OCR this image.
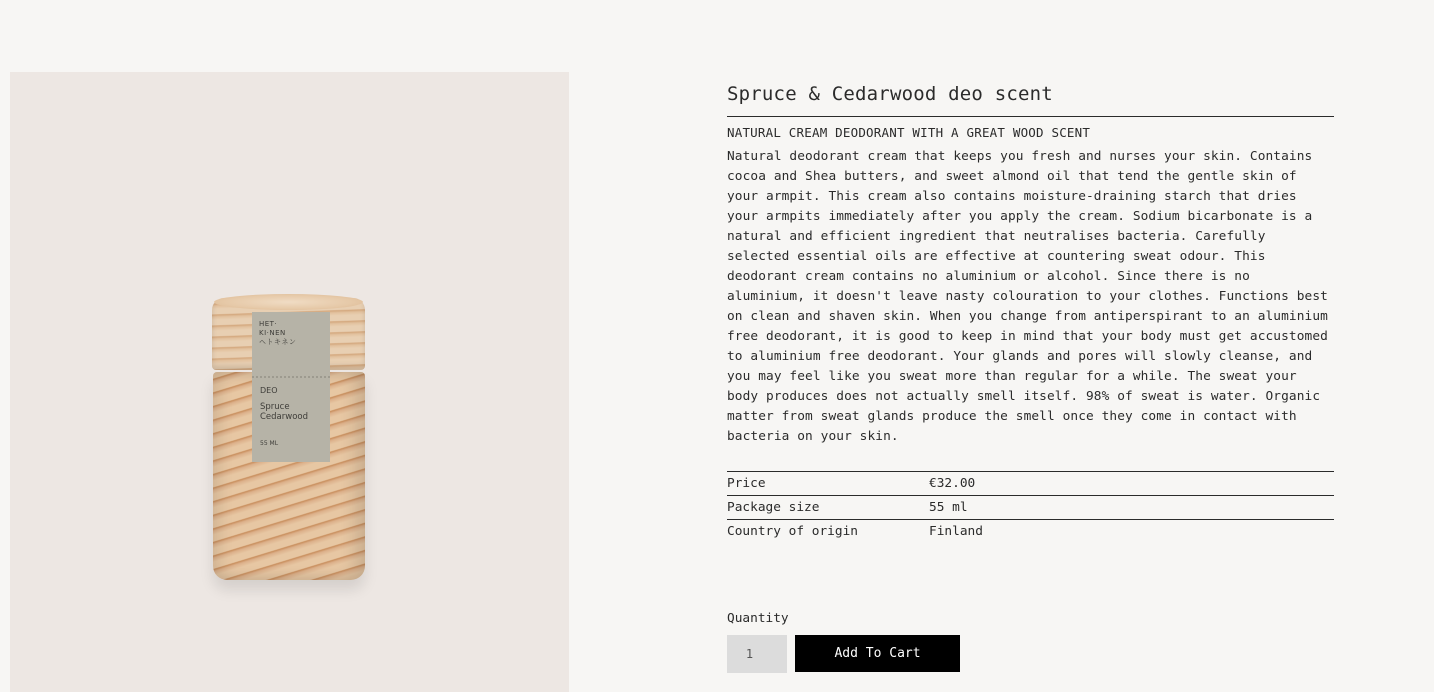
HET·
KI·NEN
ヘトキネン
DEO
Spruce
Cedarwood
55 ML
Spruce & Cedarwood deo scent
NATURAL CREAM DEODORANT WITH A GREAT WOOD SCENT

Natural deodorant cream that keeps you fresh and nurses your skin. Contains cocoa and Shea butters, and sweet almond oil that tend the gentle skin of your armpit. This cream also contains moisture-draining starch that dries your armpits immediately after you apply the cream. Sodium bicarbonate is a natural and efficient ingredient that neutralises bacteria. Carefully selected essential oils are effective at countering sweat odour. This deodorant cream contains no aluminium or alcohol. Since there is no aluminium, it doesn't leave nasty colouration to your clothes. Functions best on clean and shaven skin. When you change from antiperspirant to an aluminium free deodorant, it is good to keep in mind that your body must get accustomed to aluminium free deodorant. Your glands and pores will slowly cleanse, and you may feel like you sweat more than regular for a while. The sweat your body produces does not actually smell itself. 98% of sweat is water. Organic matter from sweat glands produce the smell once they come in contact with bacteria on your skin.

Price	€32.00
Package size	55 ml
Country of origin	Finland
Quantity
1
Add To Cart
